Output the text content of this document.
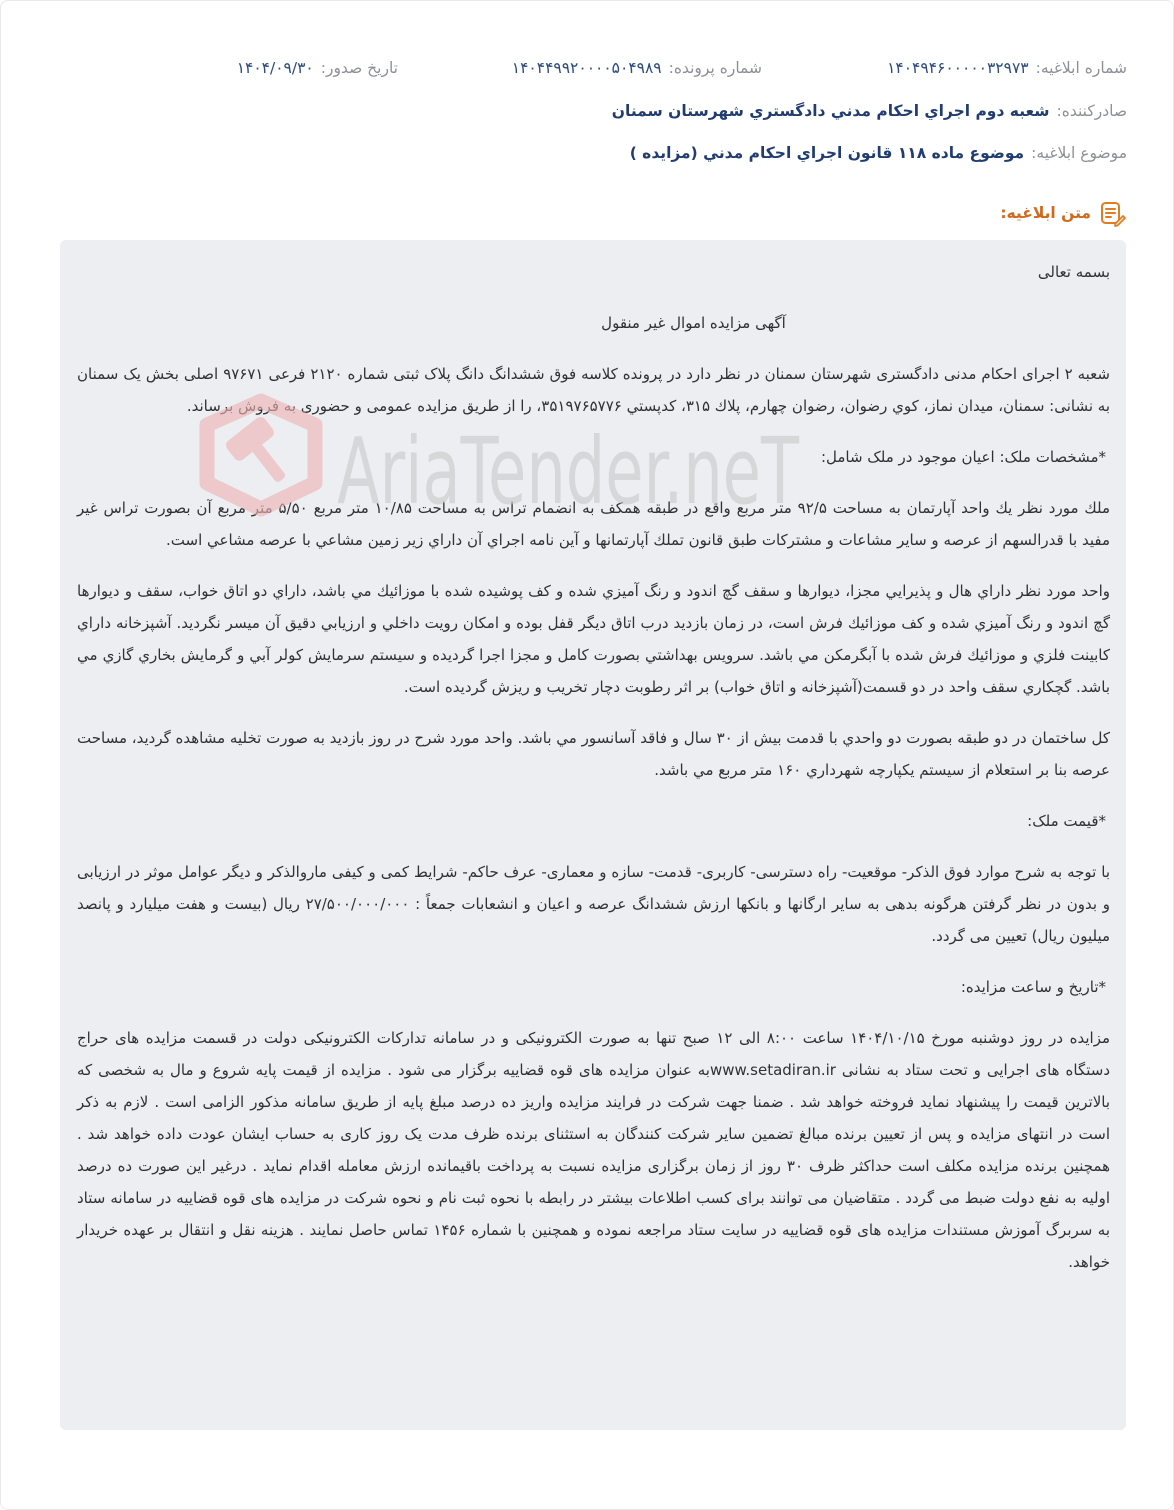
شماره ابلاغیه:
۱۴۰۴۹۴۶۰۰۰۰۰۳۲۹۷۳
شماره پرونده:
۱۴۰۴۴۹۹۲۰۰۰۰۵۰۴۹۸۹
تاریخ صدور:
۱۴۰۴/۰۹/۳۰
صادرکننده:
شعبه دوم اجراي احكام مدني دادگستري شهرستان سمنان
موضوع ابلاغیه:
موضوع ماده ۱۱۸ قانون اجراي احكام مدني (مزايده )
متن ابلاغیه:

بسمه تعالی

آگهی مزایده اموال غیر منقول

شعبه ۲ اجرای احکام مدنی دادگستری شهرستان سمنان در نظر دارد در پرونده کلاسه فوق ششدانگ دانگ پلاک ثبتی شماره ۲۱۲۰ فرعی ۹۷۶۷۱ اصلی بخش یک سمنان به نشانی: سمنان، میدان نماز، كوي رضوان، رضوان چهارم، پلاك ۳۱۵، كدپستي ۳۵۱۹۷۶۵۷۷۶، را از طریق مزایده عمومی و حضوری به فروش برساند.

*مشخصات ملک: اعیان موجود در ملک شامل:

ملك مورد نظر يك واحد آپارتمان به مساحت ۹۲/۵ متر مربع واقع در طبقه همكف به انضمام تراس به مساحت ۱۰/۸۵ متر مربع ۵/۵۰ متر مربع آن بصورت تراس غير مفيد با قدرالسهم از عرصه و ساير مشاعات و مشتركات طبق قانون تملك آپارتمانها و آين نامه اجراي آن داراي زير زمين مشاعي با عرصه مشاعي است.

واحد مورد نظر داراي هال و پذيرايي مجزا، ديوارها و سقف گچ اندود و رنگ آميزي شده و كف پوشيده شده با موزائيك مي باشد، داراي دو اتاق خواب، سقف و ديوارها گچ اندود و رنگ آميزي شده و كف موزائيك فرش است، در زمان بازديد درب اتاق ديگر قفل بوده و امكان رويت داخلي و ارزيابي دقيق آن ميسر نگرديد. آشپزخانه داراي كابينت فلزي و موزائيك فرش شده با آبگرمكن مي باشد. سرويس بهداشتي بصورت كامل و مجزا اجرا گرديده و سيستم سرمايش كولر آبي و گرمايش بخاري گازي مي باشد. گچكاري سقف واحد در دو قسمت(آشپزخانه و اتاق خواب) بر اثر رطوبت دچار تخريب و ريزش گرديده است.

كل ساختمان در دو طبقه بصورت دو واحدي با قدمت بيش از ۳۰ سال و فاقد آسانسور مي باشد. واحد مورد شرح در روز بازديد به صورت تخليه مشاهده گرديد، مساحت عرصه بنا بر استعلام از سيستم يكپارچه شهرداري ۱۶۰ متر مربع مي باشد.

*قیمت ملک:

با توجه به شرح موارد فوق الذکر- موقعیت- راه دسترسی- کاربری- قدمت- سازه و معماری- عرف حاکم- شرایط کمی و کیفی ماروالذکر و دیگر عوامل موثر در ارزیابی و بدون در نظر گرفتن هرگونه بدهی به سایر ارگانها و بانکها ارزش ششدانگ عرصه و اعیان و انشعابات جمعاً : ۲۷/۵۰۰/۰۰۰/۰۰۰ ریال (بیست و هفت میلیارد و پانصد میلیون ریال) تعیین می گردد.

*تاریخ و ساعت مزایده:

مزایده در روز دوشنبه مورخ ۱۴۰۴/۱۰/۱۵ ساعت ۸:۰۰ الی ۱۲ صبح تنها به صورت الکترونیکی و در سامانه تدارکات الکترونیکی دولت در قسمت مزایده های حراج دستگاه های اجرایی و تحت ستاد به نشانی www.setadiran.irبه عنوان مزایده های قوه قضاییه برگزار می شود . مزایده از قیمت پایه شروع و مال به شخصی که بالاترین قیمت را پیشنهاد نماید فروخته خواهد شد . ضمنا جهت شرکت در فرایند مزایده واریز ده درصد مبلغ پایه از طریق سامانه مذکور الزامی است . لازم به ذکر است در انتهای مزایده و پس از تعیین برنده مبالغ تضمین سایر شرکت کنندگان به استثنای برنده ظرف مدت یک روز کاری به حساب ایشان عودت داده خواهد شد . همچنین برنده مزایده مکلف است حداکثر ظرف ۳۰ روز از زمان برگزاری مزایده نسبت به پرداخت باقیمانده ارزش معامله اقدام نماید . درغیر این صورت ده درصد اولیه به نفع دولت ضبط می گردد . متقاضیان می توانند برای کسب اطلاعات بیشتر در رابطه با نحوه ثبت نام و نحوه شرکت در مزایده های قوه قضاییه در سامانه ستاد به سربرگ آموزش مستندات مزایده های قوه قضاییه در سایت ستاد مراجعه نموده و همچنین با شماره ۱۴۵۶ تماس حاصل نمایند . هزینه نقل و انتقال بر عهده خریدار خواهد.

AriaTender.neT
